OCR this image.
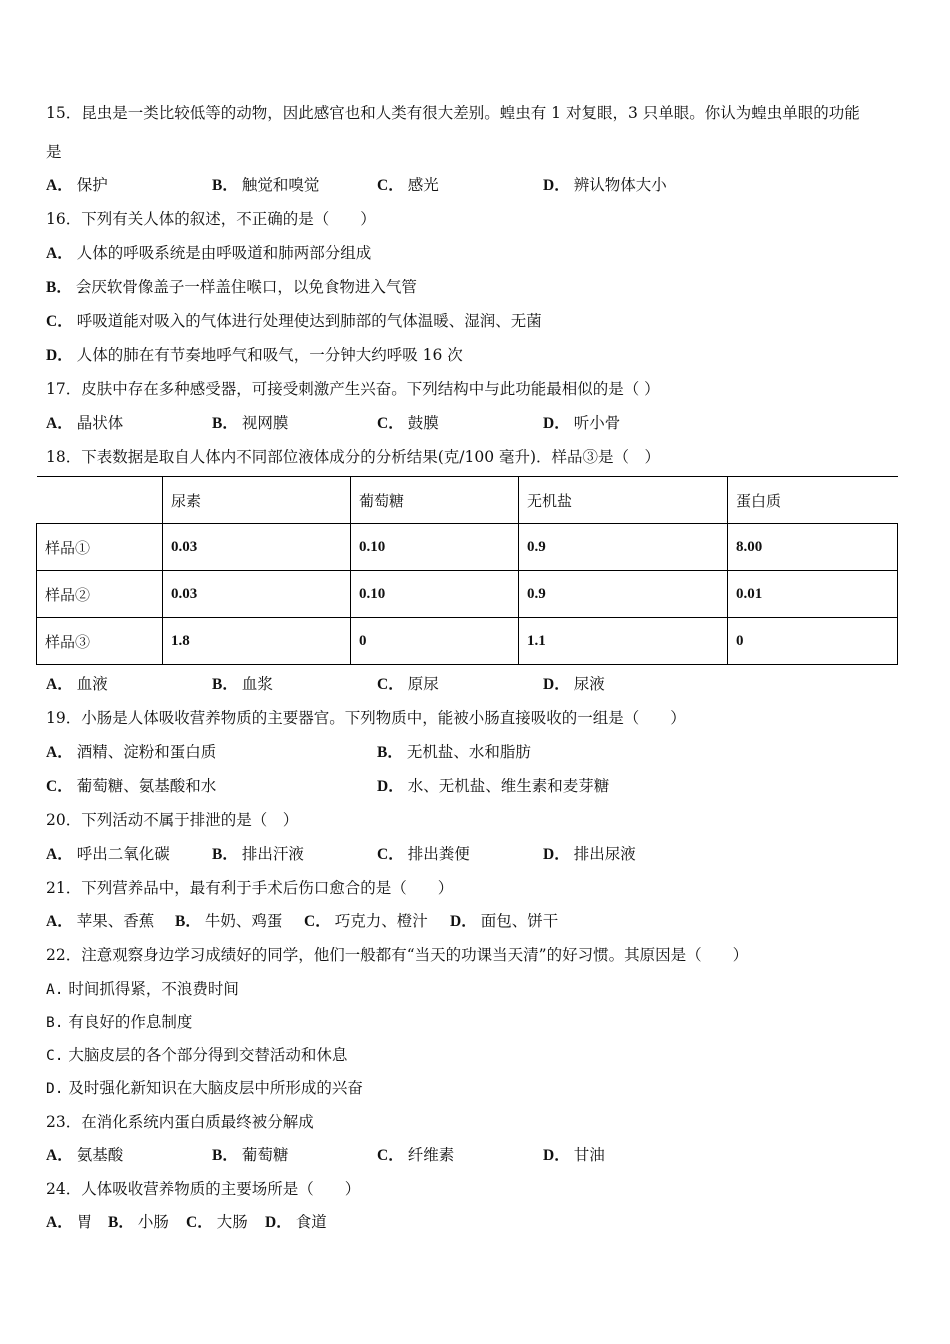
15．昆虫是一类比较低等的动物，因此感官也和人类有很大差别。蝗虫有 1 对复眼，3 只单眼。你认为蝗虫单眼的功能
是
A． 保护	B． 触觉和嗅觉	C． 感光	D． 辨认物体大小
16．下列有关人体的叙述，不正确的是（　　）
A． 人体的呼吸系统是由呼吸道和肺两部分组成
B． 会厌软骨像盖子一样盖住喉口，以免食物进入气管
C． 呼吸道能对吸入的气体进行处理使达到肺部的气体温暖、湿润、无菌
D． 人体的肺在有节奏地呼气和吸气，一分钟大约呼吸 16 次
17．皮肤中存在多种感受器，可接受刺激产生兴奋。下列结构中与此功能最相似的是（ ）
A． 晶状体	B． 视网膜	C． 鼓膜	D． 听小骨
18．下表数据是取自人体内不同部位液体成分的分析结果(克/100 毫升)．样品③是（　）
	尿素	葡萄糖	无机盐	蛋白质
样品①	0.03	0.10	0.9	8.00
样品②	0.03	0.10	0.9	0.01
样品③	1.8	0	1.1	0
A． 血液	B． 血浆	C． 原尿	D． 尿液
19．小肠是人体吸收营养物质的主要器官。下列物质中，能被小肠直接吸收的一组是（　　）
A． 酒精、淀粉和蛋白质	B． 无机盐、水和脂肪
C． 葡萄糖、氨基酸和水	D． 水、无机盐、维生素和麦芽糖
20．下列活动不属于排泄的是（　）
A． 呼出二氧化碳	B． 排出汗液	C． 排出粪便	D． 排出尿液
21．下列营养品中，最有利于手术后伤口愈合的是（　　）
A． 苹果、香蕉 B． 牛奶、鸡蛋 C． 巧克力、橙汁 D． 面包、饼干
22．注意观察身边学习成绩好的同学，他们一般都有“当天的功课当天清”的好习惯。其原因是（　　）
A. 时间抓得紧，不浪费时间
B. 有良好的作息制度
C. 大脑皮层的各个部分得到交替活动和休息
D. 及时强化新知识在大脑皮层中所形成的兴奋
23．在消化系统内蛋白质最终被分解成
A． 氨基酸	B． 葡萄糖	C． 纤维素	D． 甘油
24．人体吸收营养物质的主要场所是（　　）
A． 胃 B． 小肠 C． 大肠 D． 食道
